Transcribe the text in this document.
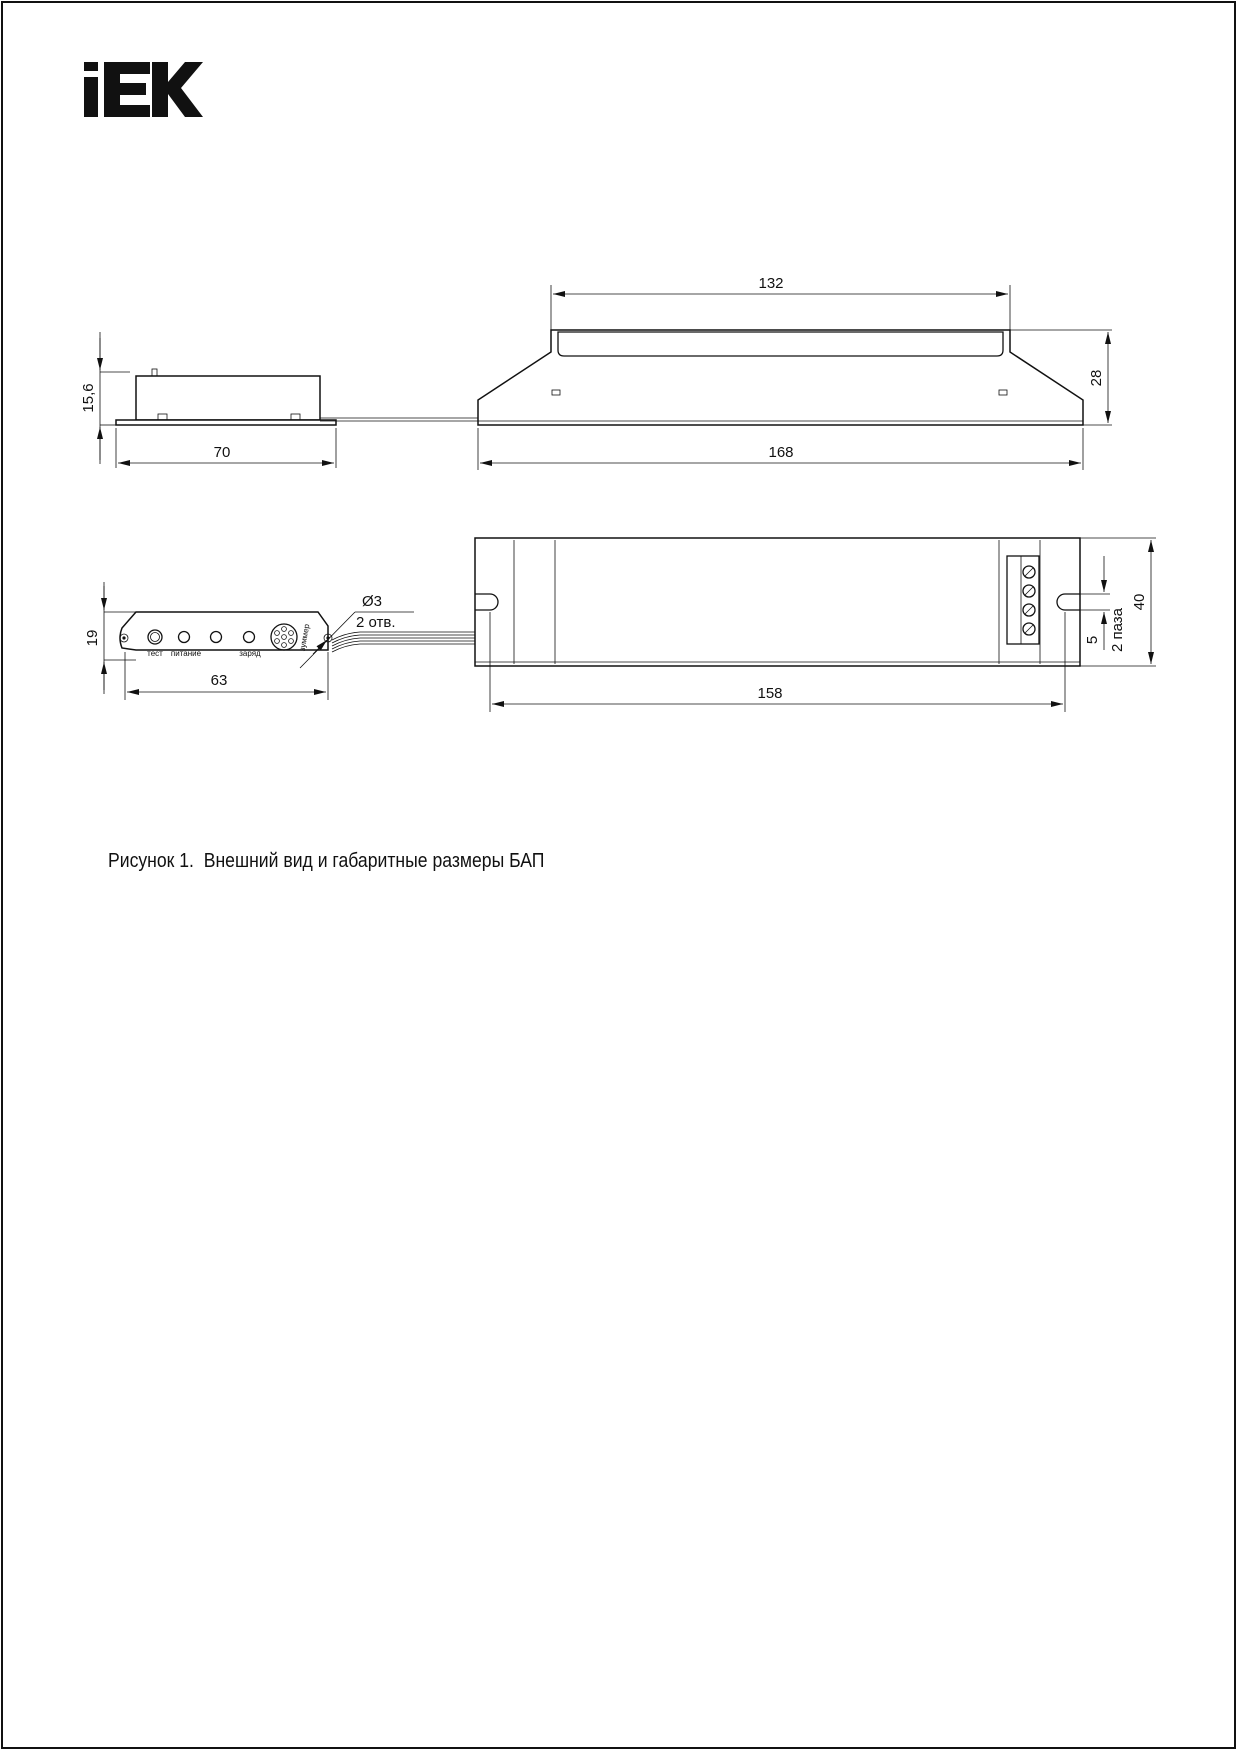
IEK
15,6
70
132
28
168
тест питание	заряд
зуммер
19
63
Ø3
2 отв.
40
5 2 паза
158
Рисунок 1.  Внешний вид и габаритные размеры БАП
